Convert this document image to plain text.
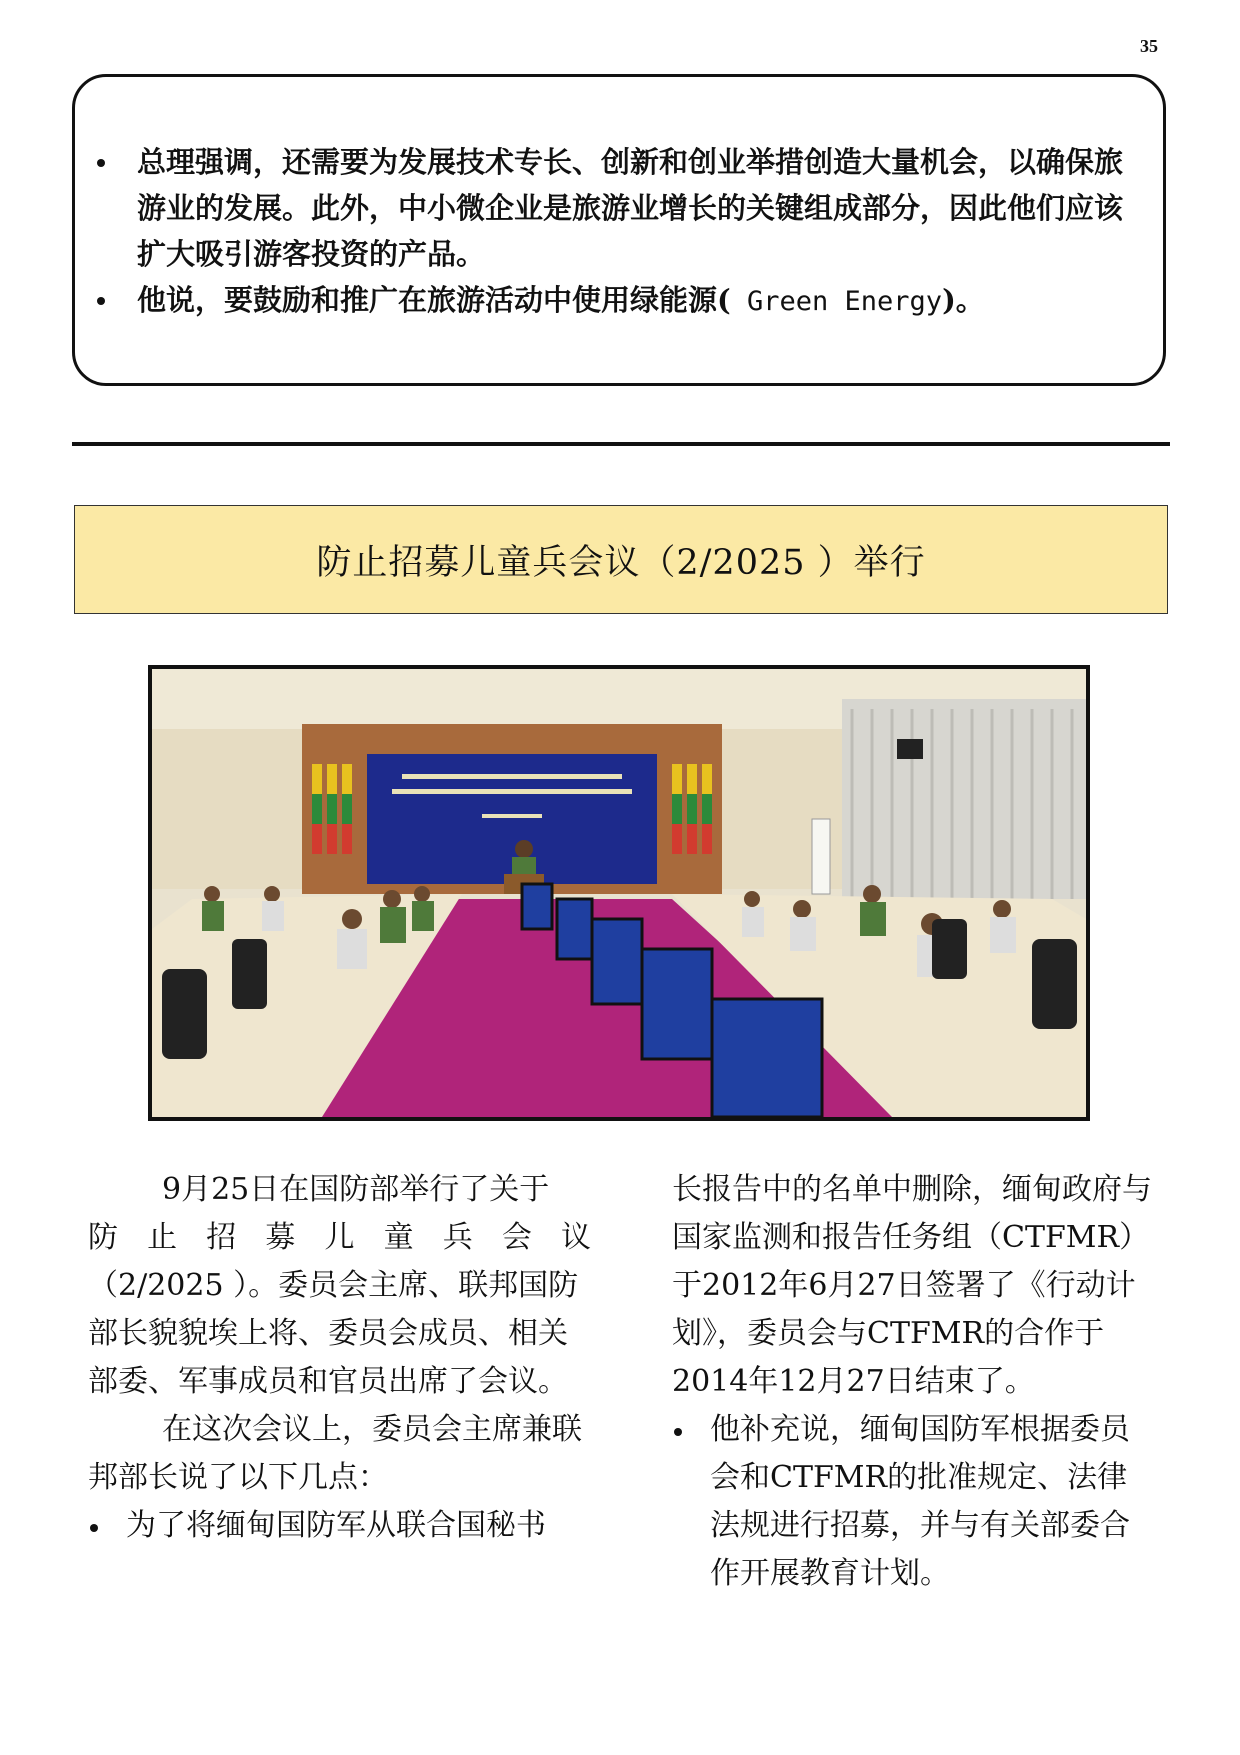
35
总理强调，还需要为发展技术专长、创新和创业举措创造大量机会，以确保旅游业的发展。此外，中小微企业是旅游业增长的关键组成部分，因此他们应该扩大吸引游客投资的产品。
他说，要鼓励和推广在旅游活动中使用绿能源( Green Energy)。
防止招募儿童兵会议（2/2025 ）举行

9月25日在国防部举行了关于

防止招募儿童兵会议

（2/2025 ）。委员会主席、联邦国防部长貌貌埃上将、委员会成员、相关部委、军事成员和官员出席了会议。

在这次会议上，委员会主席兼联邦部长说了以下几点：

为了将缅甸国防军从联合国秘书

长报告中的名单中删除，缅甸政府与国家监测和报告任务组（CTFMR）于2012年6月27日签署了《行动计划》，委员会与CTFMR的合作于2014年12月27日结束了。

他补充说，缅甸国防军根据委员会和CTFMR的批准规定、法律法规进行招募，并与有关部委合作开展教育计划。
